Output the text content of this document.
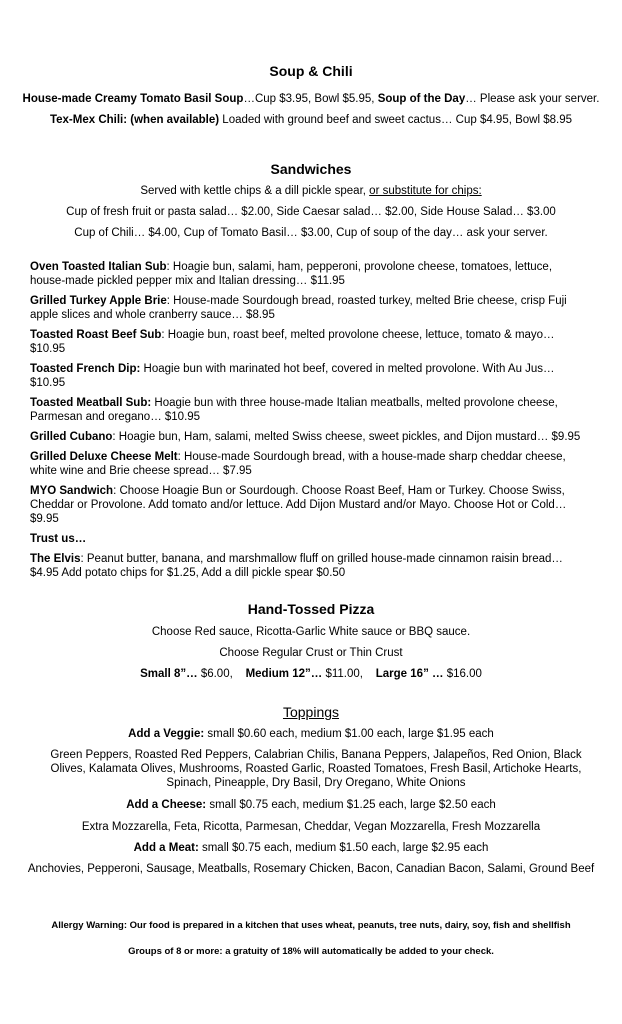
Soup & Chili
House-made Creamy Tomato Basil Soup…Cup $3.95, Bowl $5.95, Soup of the Day… Please ask your server.
Tex-Mex Chili: (when available) Loaded with ground beef and sweet cactus… Cup $4.95, Bowl $8.95
Sandwiches
Served with kettle chips & a dill pickle spear, or substitute for chips:
Cup of fresh fruit or pasta salad… $2.00, Side Caesar salad… $2.00, Side House Salad… $3.00
Cup of Chili… $4.00, Cup of Tomato Basil… $3.00, Cup of soup of the day… ask your server.
Oven Toasted Italian Sub: Hoagie bun, salami, ham, pepperoni, provolone cheese, tomatoes, lettuce, house-made pickled pepper mix and Italian dressing… $11.95
Grilled Turkey Apple Brie: House-made Sourdough bread, roasted turkey, melted Brie cheese, crisp Fuji apple slices and whole cranberry sauce… $8.95
Toasted Roast Beef Sub: Hoagie bun, roast beef, melted provolone cheese, lettuce, tomato & mayo… $10.95
Toasted French Dip: Hoagie bun with marinated hot beef, covered in melted provolone. With Au Jus… $10.95
Toasted Meatball Sub: Hoagie bun with three house-made Italian meatballs, melted provolone cheese, Parmesan and oregano… $10.95
Grilled Cubano: Hoagie bun, Ham, salami, melted Swiss cheese, sweet pickles, and Dijon mustard… $9.95
Grilled Deluxe Cheese Melt: House-made Sourdough bread, with a house-made sharp cheddar cheese, white wine and Brie cheese spread… $7.95
MYO Sandwich: Choose Hoagie Bun or Sourdough. Choose Roast Beef, Ham or Turkey. Choose Swiss, Cheddar or Provolone. Add tomato and/or lettuce. Add Dijon Mustard and/or Mayo. Choose Hot or Cold… $9.95
Trust us…
The Elvis: Peanut butter, banana, and marshmallow fluff on grilled house-made cinnamon raisin bread… $4.95 Add potato chips for $1.25, Add a dill pickle spear $0.50
Hand-Tossed Pizza
Choose Red sauce, Ricotta-Garlic White sauce or BBQ sauce.
Choose Regular Crust or Thin Crust
Small 8”… $6.00, Medium 12”… $11.00, Large 16” … $16.00
Toppings
Add a Veggie: small $0.60 each, medium $1.00 each, large $1.95 each
Green Peppers, Roasted Red Peppers, Calabrian Chilis, Banana Peppers, Jalapeños, Red Onion, Black Olives, Kalamata Olives, Mushrooms, Roasted Garlic, Roasted Tomatoes, Fresh Basil, Artichoke Hearts, Spinach, Pineapple, Dry Basil, Dry Oregano, White Onions
Add a Cheese: small $0.75 each, medium $1.25 each, large $2.50 each
Extra Mozzarella, Feta, Ricotta, Parmesan, Cheddar, Vegan Mozzarella, Fresh Mozzarella
Add a Meat: small $0.75 each, medium $1.50 each, large $2.95 each
Anchovies, Pepperoni, Sausage, Meatballs, Rosemary Chicken, Bacon, Canadian Bacon, Salami, Ground Beef
Allergy Warning: Our food is prepared in a kitchen that uses wheat, peanuts, tree nuts, dairy, soy, fish and shellfish
Groups of 8 or more: a gratuity of 18% will automatically be added to your check.
